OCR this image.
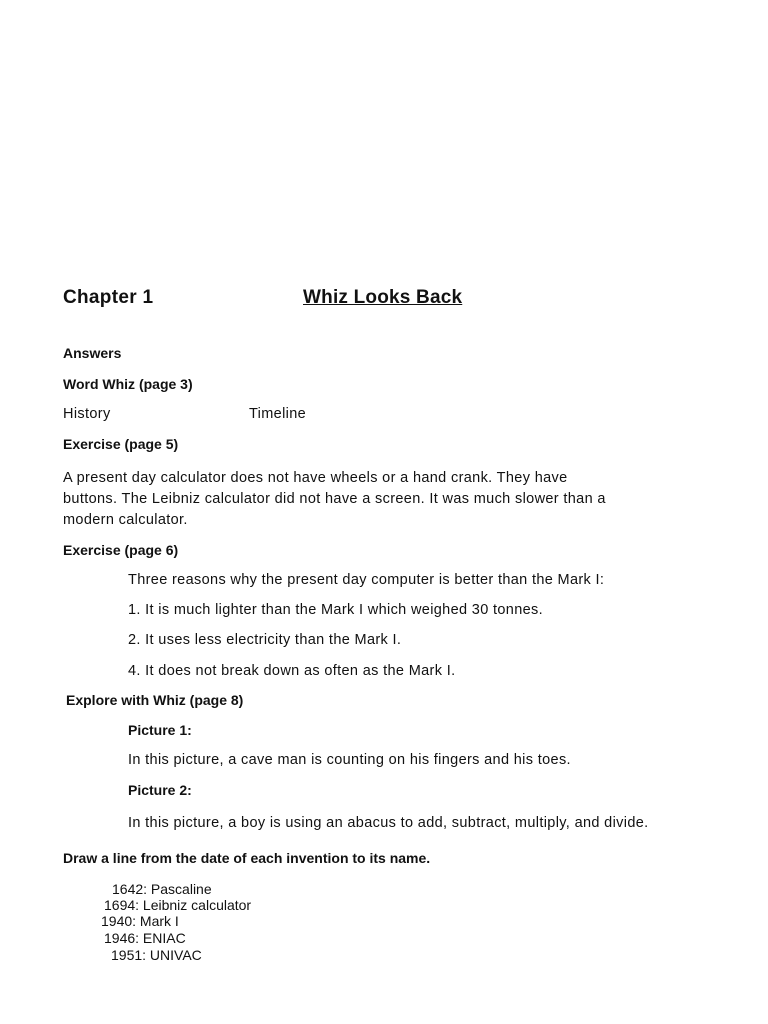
Chapter 1	Whiz Looks Back
Answers
Word Whiz (page 3)
History	Timeline
Exercise (page 5)
A present day calculator does not have wheels or a hand crank. They have
buttons. The Leibniz calculator did not have a screen. It was much slower than a
modern calculator.
Exercise (page 6)
Three reasons why the present day computer is better than the Mark I:
1. It is much lighter than the Mark I which weighed 30 tonnes.
2. It uses less electricity than the Mark I.
4. It does not break down as often as the Mark I.
Explore with Whiz (page 8)
Picture 1:
In this picture, a cave man is counting on his fingers and his toes.
Picture 2:
In this picture, a boy is using an abacus to add, subtract, multiply, and divide.
Draw a line from the date of each invention to its name.
1642: Pascaline
1694: Leibniz calculator
1940: Mark I
1946: ENIAC
1951: UNIVAC
